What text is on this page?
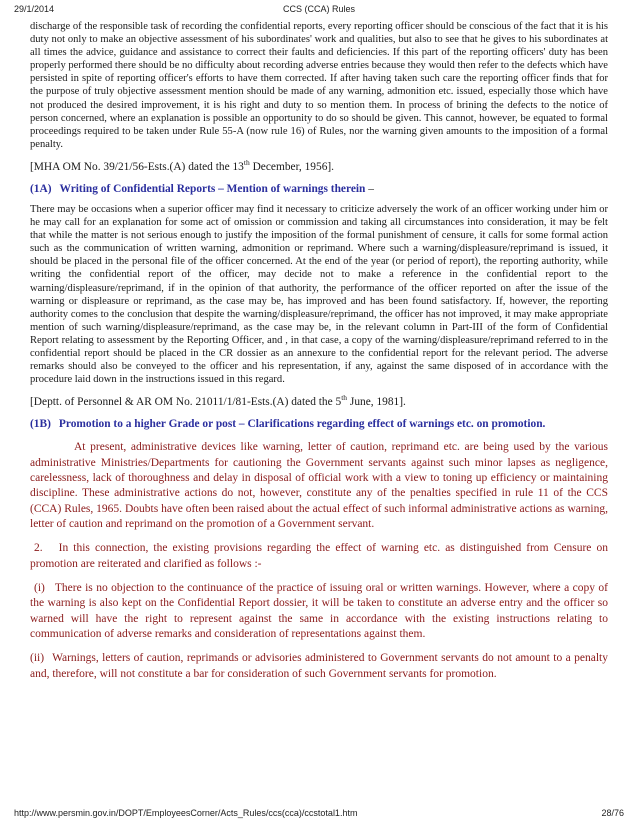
29/1/2014	CCS (CCA) Rules

discharge of the responsible task of recording the confidential reports, every reporting officer should be conscious of the fact that it is his duty not only to make an objective assessment of his subordinates' work and qualities, but also to see that he gives to his subordinates at all times the advice, guidance and assistance to correct their faults and deficiencies. If this part of the reporting officers' duty has been properly performed there should be no difficulty about recording adverse entries because they would then refer to the defects which have persisted in spite of reporting officer's efforts to have them corrected. If after having taken such care the reporting officer finds that for the purpose of truly objective assessment mention should be made of any warning, admonition etc. issued, especially those which have not produced the desired improvement, it is his right and duty to so mention them. In process of brining the defects to the notice of person concerned, where an explanation is possible an opportunity to do so should be given. This cannot, however, be equated to formal proceedings required to be taken under Rule 55-A (now rule 16) of Rules, nor the warning given amounts to the imposition of a formal penalty.

[MHA OM No. 39/21/56-Ests.(A) dated the 13th December, 1956].

(1A) Writing of Confidential Reports – Mention of warnings therein –

There may be occasions when a superior officer may find it necessary to criticize adversely the work of an officer working under him or he may call for an explanation for some act of omission or commission and taking all circumstances into consideration, it may be felt that while the matter is not serious enough to justify the imposition of the formal punishment of censure, it calls for some formal action such as the communication of written warning, admonition or reprimand. Where such a warning/displeasure/reprimand is issued, it should be placed in the personal file of the officer concerned. At the end of the year (or period of report), the reporting authority, while writing the confidential report of the officer, may decide not to make a reference in the confidential report to the warning/displeasure/reprimand, if in the opinion of that authority, the performance of the officer reported on after the issue of the warning or displeasure or reprimand, as the case may be, has improved and has been found satisfactory. If, however, the reporting authority comes to the conclusion that despite the warning/displeasure/reprimand, the officer has not improved, it may make appropriate mention of such warning/displeasure/reprimand, as the case may be, in the relevant column in Part-III of the form of Confidential Report relating to assessment by the Reporting Officer, and , in that case, a copy of the warning/displeasure/reprimand referred to in the confidential report should be placed in the CR dossier as an annexure to the confidential report for the relevant period. The adverse remarks should also be conveyed to the officer and his representation, if any, against the same disposed of in accordance with the procedure laid down in the instructions issued in this regard.

[Deptt. of Personnel & AR OM No. 21011/1/81-Ests.(A) dated the 5th June, 1981].

(1B) Promotion to a higher Grade or post – Clarifications regarding effect of warnings etc. on promotion.

At present, administrative devices like warning, letter of caution, reprimand etc. are being used by the various administrative Ministries/Departments for cautioning the Government servants against such minor lapses as negligence, carelessness, lack of thoroughness and delay in disposal of official work with a view to toning up efficiency or maintaining discipline. These administrative actions do not, however, constitute any of the penalties specified in rule 11 of the CCS (CCA) Rules, 1965. Doubts have often been raised about the actual effect of such informal administrative actions as warning, letter of caution and reprimand on the promotion of a Government servant.

2. In this connection, the existing provisions regarding the effect of warning etc. as distinguished from Censure on promotion are reiterated and clarified as follows :-

(i) There is no objection to the continuance of the practice of issuing oral or written warnings. However, where a copy of the warning is also kept on the Confidential Report dossier, it will be taken to constitute an adverse entry and the officer so warned will have the right to represent against the same in accordance with the existing instructions relating to communication of adverse remarks and consideration of representations against them.

(ii) Warnings, letters of caution, reprimands or advisories administered to Government servants do not amount to a penalty and, therefore, will not constitute a bar for consideration of such Government servants for promotion.

http://www.persmin.gov.in/DOPT/EmployeesCorner/Acts_Rules/ccs(cca)/ccstotal1.htm	28/76
